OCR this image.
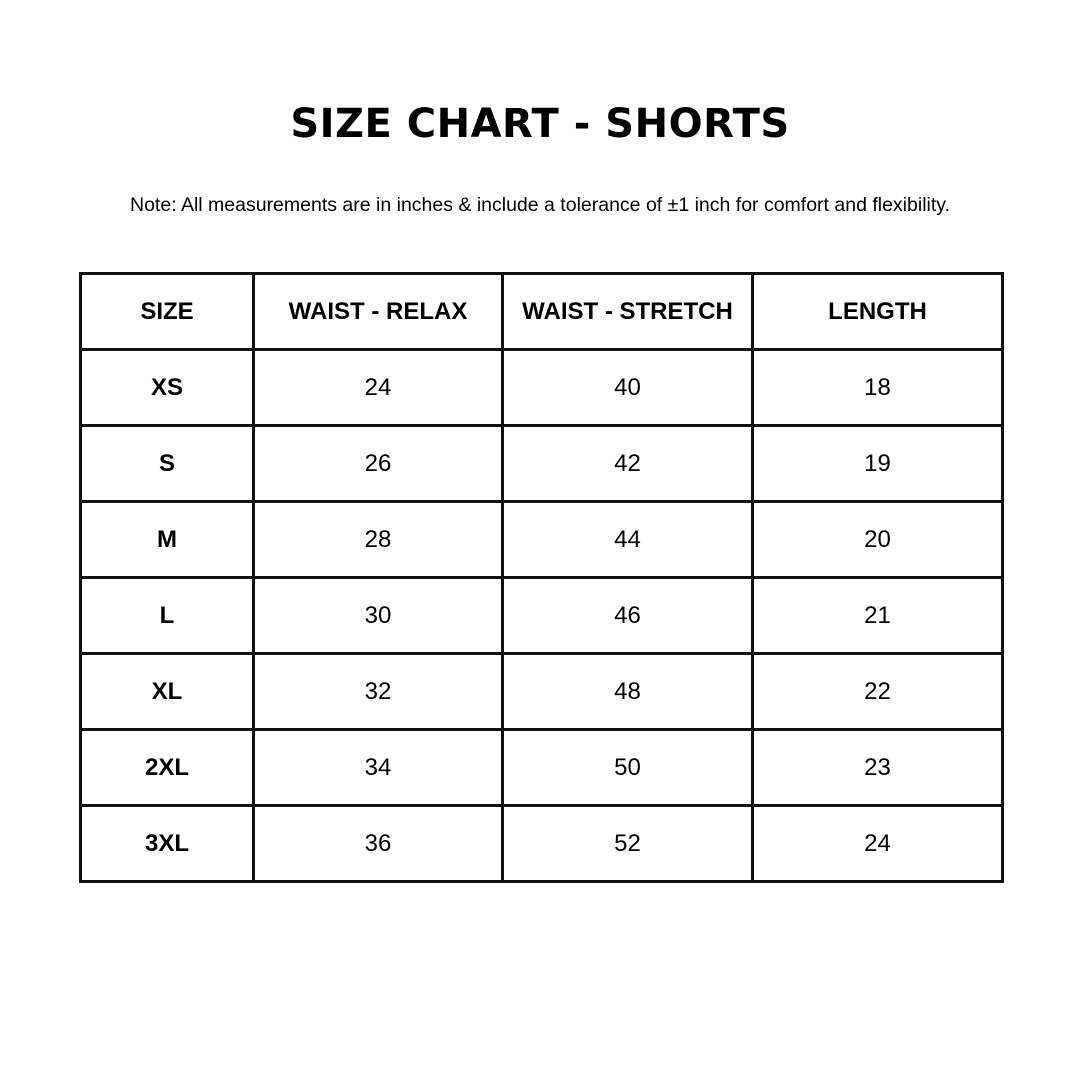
SIZE CHART - SHORTS
Note: All measurements are in inches & include a tolerance of ±1 inch for comfort and flexibility.
SIZE	WAIST - RELAX	WAIST - STRETCH	LENGTH
XS	24	40	18
S	26	42	19
M	28	44	20
L	30	46	21
XL	32	48	22
2XL	34	50	23
3XL	36	52	24
